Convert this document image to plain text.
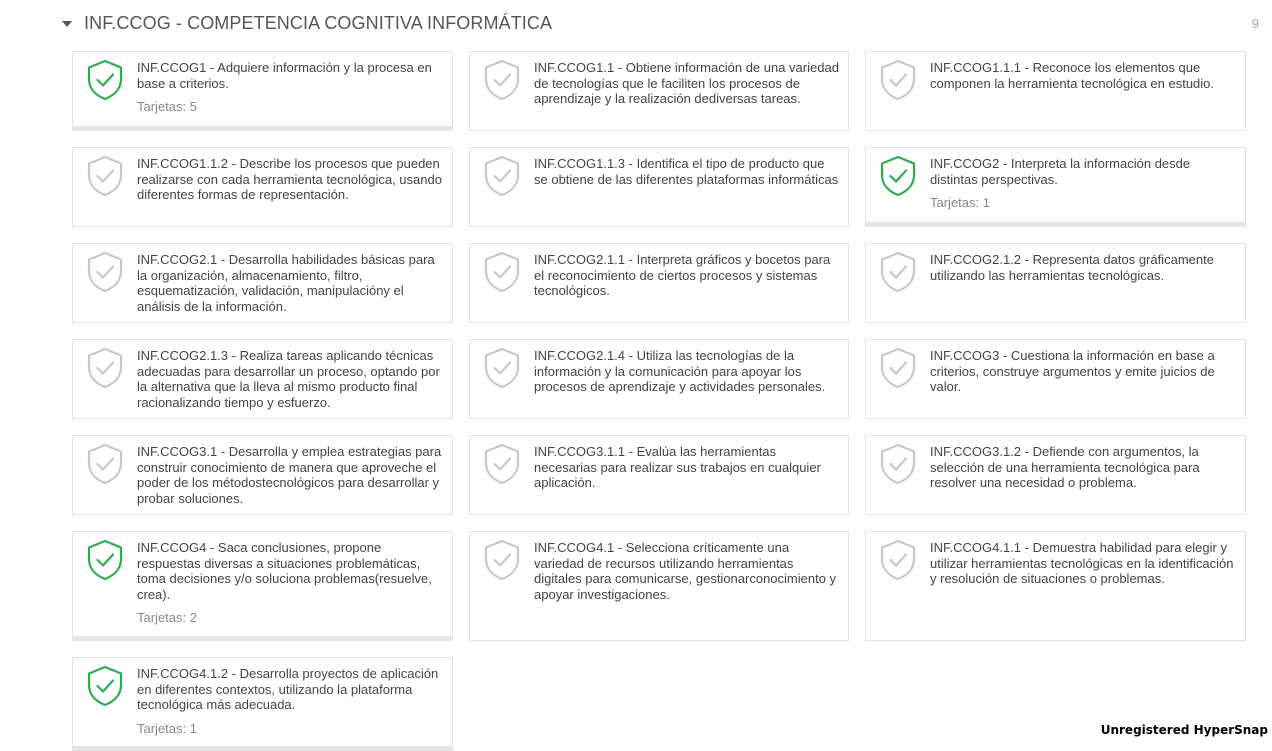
INF.CCOG - COMPETENCIA COGNITIVA INFORMÁTICA	9
INF.CCOG1 - Adquiere información y la procesa en base a criterios.
Tarjetas: 5
INF.CCOG1.1 - Obtiene información de una variedad de tecnologías que le faciliten los procesos de aprendizaje y la realización dediversas tareas.
INF.CCOG1.1.1 - Reconoce los elementos que componen la herramienta tecnológica en estudio.
INF.CCOG1.1.2 - Describe los procesos que pueden realizarse con cada herramienta tecnológica, usando diferentes formas de representación.
INF.CCOG1.1.3 - Identifica el tipo de producto que se obtiene de las diferentes plataformas informáticas
INF.CCOG2 - Interpreta la información desde distintas perspectivas.
Tarjetas: 1
INF.CCOG2.1 - Desarrolla habilidades básicas para la organización, almacenamiento, filtro, esquematización, validación, manipulacióny el análisis de la información.
INF.CCOG2.1.1 - Interpreta gráficos y bocetos para el reconocimiento de ciertos procesos y sistemas tecnológicos.
INF.CCOG2.1.2 - Representa datos gráficamente utilizando las herramientas tecnológicas.
INF.CCOG2.1.3 - Realiza tareas aplicando técnicas adecuadas para desarrollar un proceso, optando por la alternativa que la lleva al mismo producto final racionalizando tiempo y esfuerzo.
INF.CCOG2.1.4 - Utiliza las tecnologías de la información y la comunicación para apoyar los procesos de aprendizaje y actividades personales.
INF.CCOG3 - Cuestiona la información en base a criterios, construye argumentos y emite juicios de valor.
INF.CCOG3.1 - Desarrolla y emplea estrategias para construir conocimiento de manera que aproveche el poder de los métodostecnológicos para desarrollar y probar soluciones.
INF.CCOG3.1.1 - Evalúa las herramientas necesarias para realizar sus trabajos en cualquier aplicación.
INF.CCOG3.1.2 - Defiende con argumentos, la selección de una herramienta tecnológica para resolver una necesidad o problema.
INF.CCOG4 - Saca conclusiones, propone respuestas diversas a situaciones problemáticas, toma decisiones y/o soluciona problemas(resuelve, crea).
Tarjetas: 2
INF.CCOG4.1 - Selecciona críticamente una variedad de recursos utilizando herramientas digitales para comunicarse, gestionarconocimiento y apoyar investigaciones.
INF.CCOG4.1.1 - Demuestra habilidad para elegir y utilizar herramientas tecnológicas en la identificación y resolución de situaciones o problemas.
INF.CCOG4.1.2 - Desarrolla proyectos de aplicación en diferentes contextos, utilizando la plataforma tecnológica más adecuada.
Tarjetas: 1	Unregistered HyperSnap
